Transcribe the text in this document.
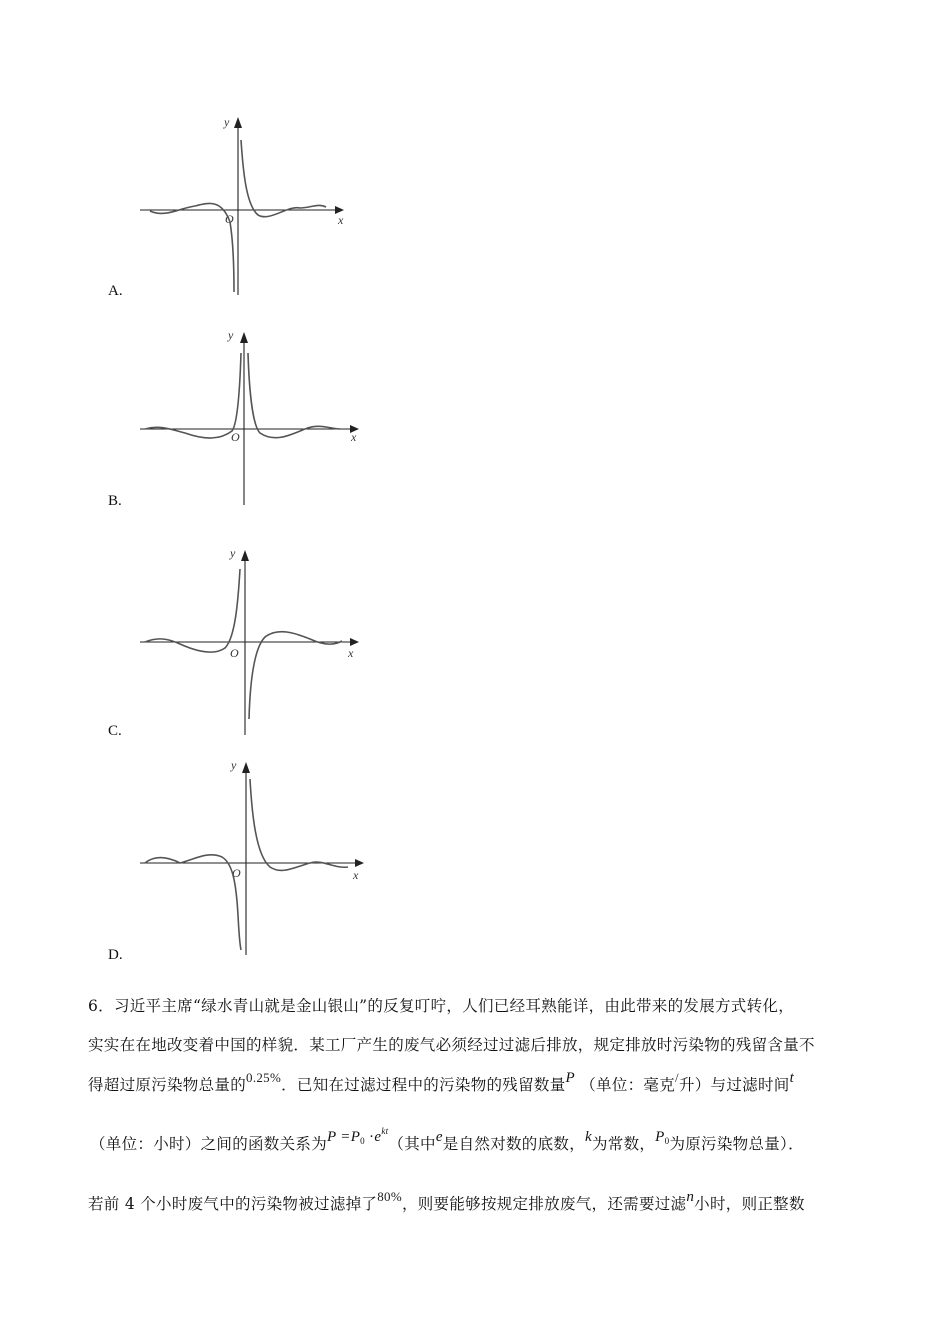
y
x
O
A.
y
x
O
B.
y
x
O
C.
y
x
O
D.
6．习近平主席“绿水青山就是金山银山”的反复叮咛，人们已经耳熟能详，由此带来的发展方式转化，
实实在在地改变着中国的样貌．某工厂产生的废气必须经过过滤后排放，规定排放时污染物的残留含量不
得超过原污染物总量的$^{0.25\%}$．已知在过滤过程中的污染物的残留数量P （单位：毫克/升）与过滤时间t
（单位：小时）之间的函数关系为$P =P_0 \cdot e^{kt}$（其中e是自然对数的底数，k为常数，$P_0$为原污染物总量）．
若前 4 个小时废气中的污染物被过滤掉了$^{80\%}$，则要能够按规定排放废气，还需要过滤n小时，则正整数
